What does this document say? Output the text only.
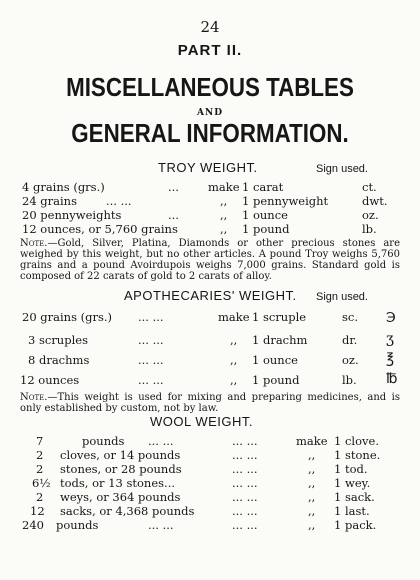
24
PART II.
MISCELLANEOUS TABLES
AND
GENERAL INFORMATION.
TROY WEIGHT.	Sign used.
4 grains (grs.)	...	make 1 carat	ct.
24 grains	... ...	,, 1 pennyweight	dwt.
20 pennyweights	...	,, 1 ounce	oz.
12 ounces, or 5,760 grains	,, 1 pound	lb.
Note.—Gold, Silver, Platina, Diamonds or other precious stones are weighed by this weight, but no other articles. A pound Troy weighs 5,760 grains and a pound Avoirdupois weighs 7,000 grains. Standard gold is composed of 22 carats of gold to 2 carats of alloy.
APOTHECARIES' WEIGHT. Sign used.
20 grains (grs.) ... ...	make 1 scruple	sc. ℈
3 scruples	... ...	,, 1 drachm	dr. ʒ
8 drachms	... ...	,, 1 ounce	oz. ℥
12 ounces	... ...	,, 1 pound	lb. ℔
Note.—This weight is used for mixing and preparing medicines, and is only established by custom, not by law.
WOOL WEIGHT.
7	pounds ... ...	... ...	make 1 clove.
2 cloves, or 14 pounds	... ...	,, 1 stone.
2 stones, or 28 pounds	... ...	,, 1 tod.
6½ tods, or 13 stones...	... ...	,, 1 wey.
2 weys, or 364 pounds	... ...	,, 1 sack.
12 sacks, or 4,368 pounds	... ...	,, 1 last.
240 pounds	... ...	... ...	,, 1 pack.
